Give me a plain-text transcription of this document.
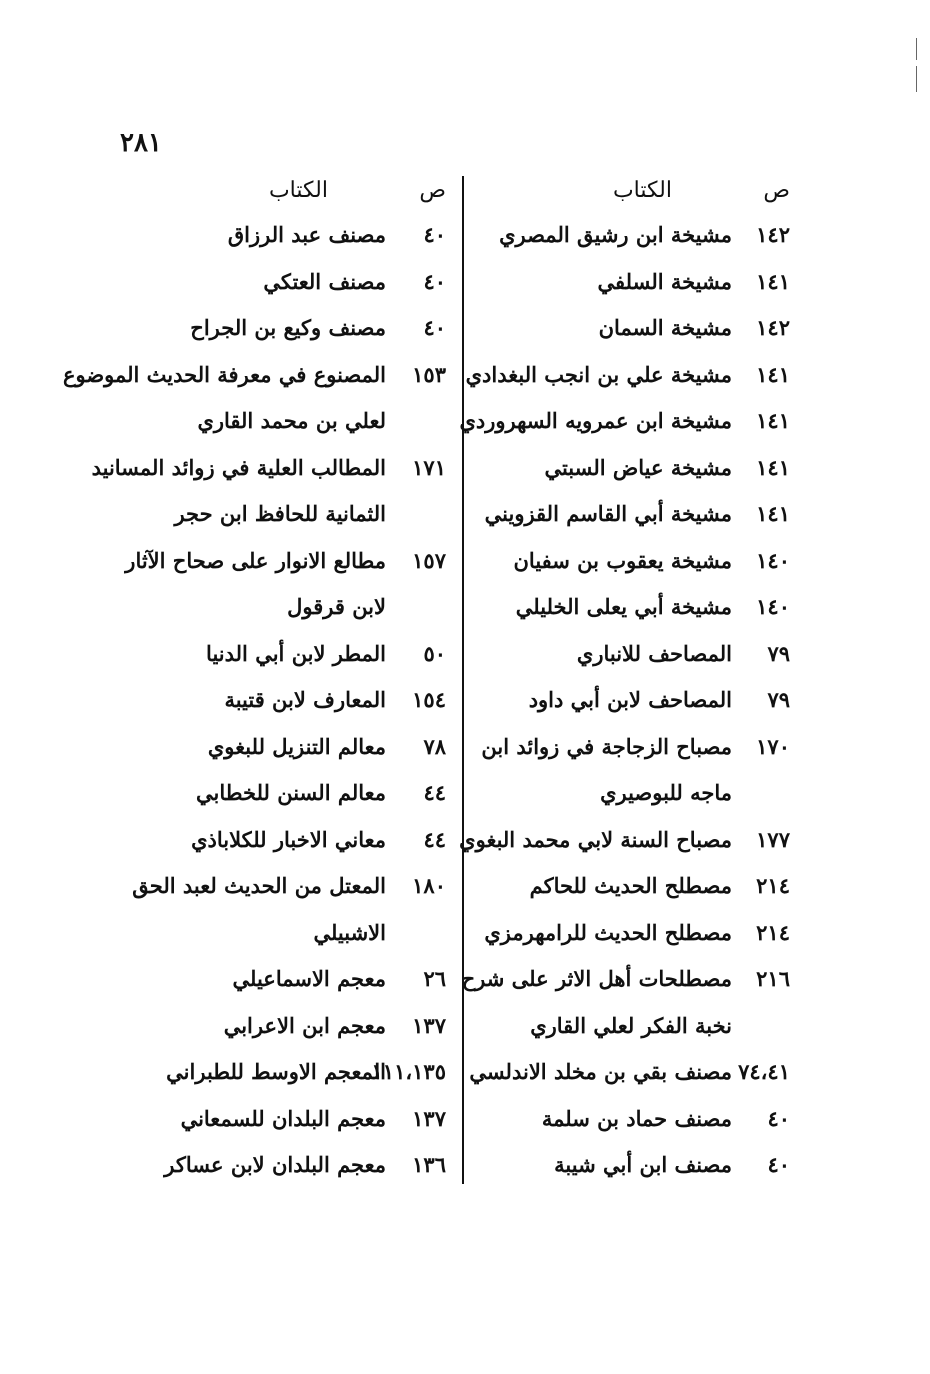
٢٨١
ص
الكتاب
١٤٢
مشيخة ابن رشيق المصري
١٤١
مشيخة السلفي
١٤٢
مشيخة السمان
١٤١
مشيخة علي بن انجب البغدادي
١٤١
مشيخة ابن عمرويه السهروردي
١٤١
مشيخة عياض السبتي
١٤١
مشيخة أبي القاسم القزويني
١٤٠
مشيخة يعقوب بن سفيان
١٤٠
مشيخة أبي يعلى الخليلي
٧٩
المصاحف للانباري
٧٩
المصاحف لابن أبي داود
١٧٠
مصباح الزجاجة في زوائد ابن
ماجه للبوصيري
١٧٧
مصباح السنة لابي محمد البغوي
٢١٤
مصطلح الحديث للحاكم
٢١٤
مصطلح الحديث للرامهرمزي
٢١٦
مصطلحات أهل الاثر على شرح
نخبة الفكر لعلي القاري
٧٤،٤١
مصنف بقي بن مخلد الاندلسي
٤٠
مصنف حماد بن سلمة
٤٠
مصنف ابن أبي شيبة
ص
الكتاب
٤٠
مصنف عبد الرزاق
٤٠
مصنف العتكي
٤٠
مصنف وكيع بن الجراح
١٥٣
المصنوع في معرفة الحديث الموضوع
لعلي بن محمد القاري
١٧١
المطالب العلية في زوائد المسانيد
الثمانية للحافظ ابن حجر
١٥٧
مطالع الانوار على صحاح الآثار
لابن قرقول
٥٠
المطر لابن أبي الدنيا
١٥٤
المعارف لابن قتيبة
٧٨
معالم التنزيل للبغوي
٤٤
معالم السنن للخطابي
٤٤
معاني الاخبار للكلاباذي
١٨٠
المعتل من الحديث لعبد الحق
الاشبيلي
٢٦
معجم الاسماعيلي
١٣٧
معجم ابن الاعرابي
١١١،١٣٥
المعجم الاوسط للطبراني
١٣٧
معجم البلدان للسمعاني
١٣٦
معجم البلدان لابن عساكر
